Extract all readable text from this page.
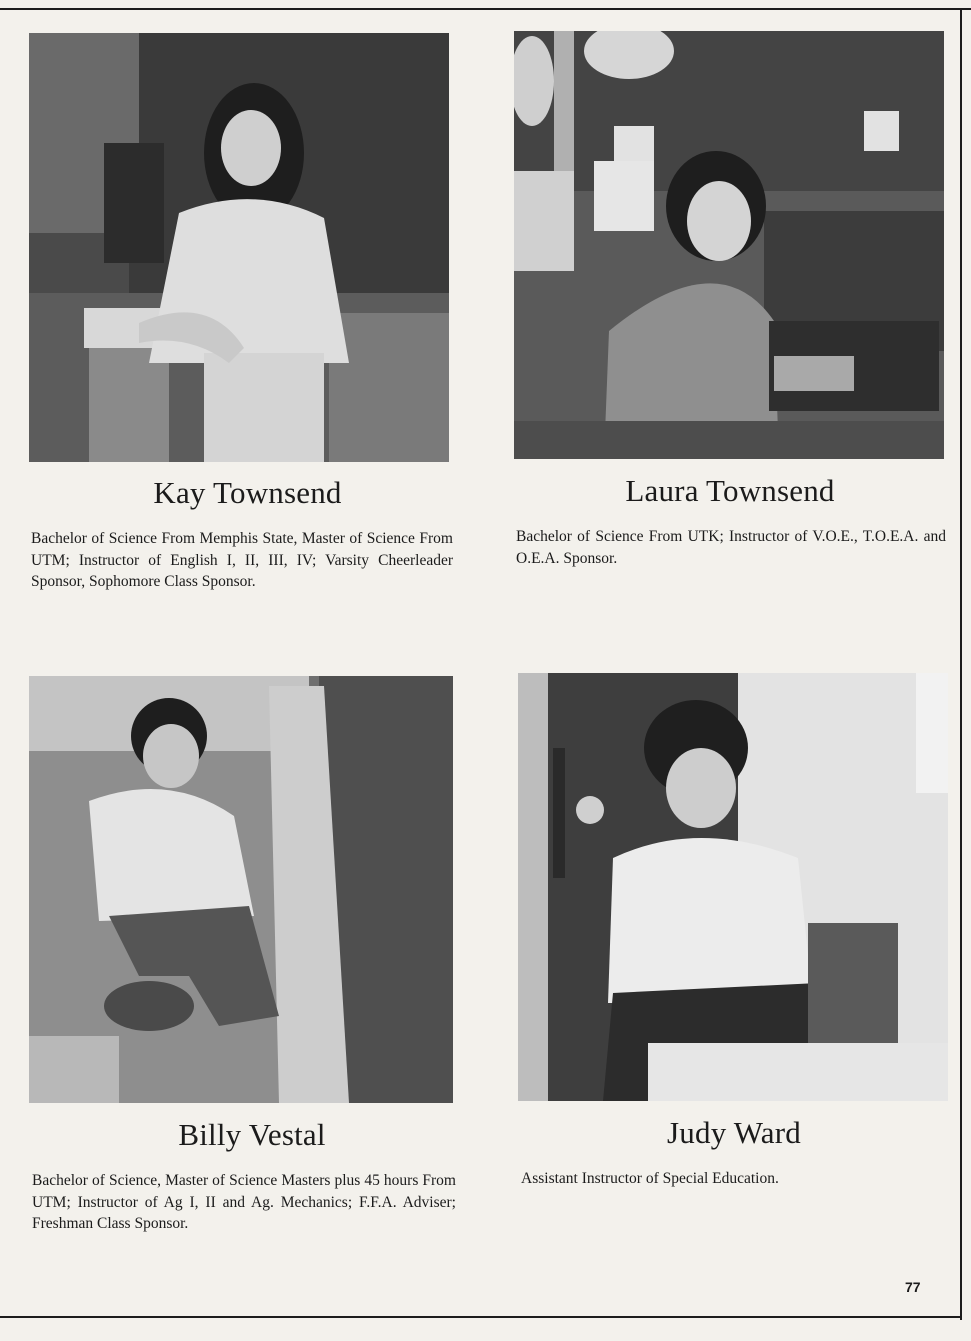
Kay Townsend	Laura Townsend
Billy Vestal	Judy Ward
Bachelor of Science From Memphis State, Master of Science From UTM; Instructor of English I, II, III, IV; Varsity Cheerleader Sponsor, Sophomore Class Sponsor.
Bachelor of Science From UTK; Instructor of V.O.E., T.O.E.A. and O.E.A. Sponsor.
Bachelor of Science, Master of Science Masters plus 45 hours From UTM; Instructor of Ag I, II and Ag. Mechanics; F.F.A. Adviser; Freshman Class Sponsor.
Assistant Instructor of Special Education.
77
